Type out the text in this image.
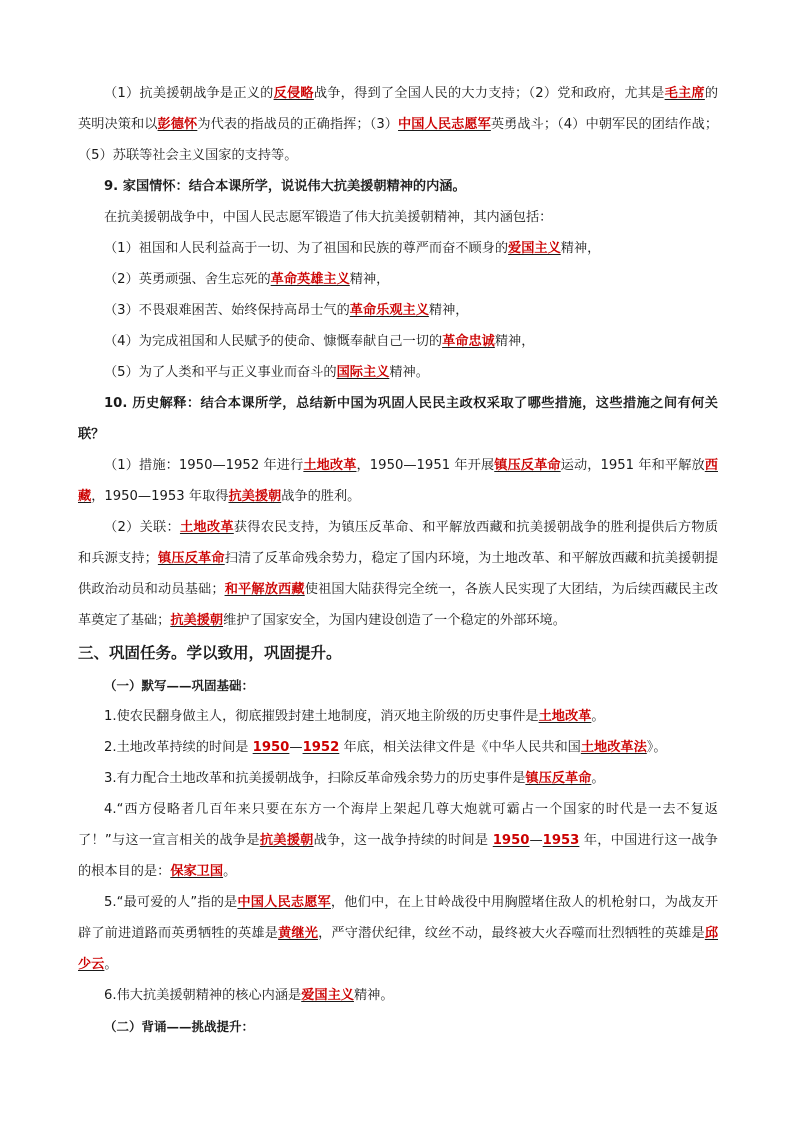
（1）抗美援朝战争是正义的反侵略战争，得到了全国人民的大力支持；（2）党和政府，尤其是毛主席的英明决策和以彭德怀为代表的指战员的正确指挥；（3）中国人民志愿军英勇战斗；（4）中朝军民的团结作战；（5）苏联等社会主义国家的支持等。

9. 家国情怀：结合本课所学，说说伟大抗美援朝精神的内涵。

在抗美援朝战争中，中国人民志愿军锻造了伟大抗美援朝精神，其内涵包括：

（1）祖国和人民利益高于一切、为了祖国和民族的尊严而奋不顾身的爱国主义精神，

（2）英勇顽强、舍生忘死的革命英雄主义精神，

（3）不畏艰难困苦、始终保持高昂士气的革命乐观主义精神，

（4）为完成祖国和人民赋予的使命、慷慨奉献自己一切的革命忠诚精神，

（5）为了人类和平与正义事业而奋斗的国际主义精神。

10. 历史解释：结合本课所学，总结新中国为巩固人民民主政权采取了哪些措施，这些措施之间有何关联？

（1）措施：1950—1952 年进行土地改革，1950—1951 年开展镇压反革命运动，1951 年和平解放西藏，1950—1953 年取得抗美援朝战争的胜利。

（2）关联：土地改革获得农民支持，为镇压反革命、和平解放西藏和抗美援朝战争的胜利提供后方物质和兵源支持；镇压反革命扫清了反革命残余势力，稳定了国内环境，为土地改革、和平解放西藏和抗美援朝提供政治动员和动员基础；和平解放西藏使祖国大陆获得完全统一，各族人民实现了大团结，为后续西藏民主改革奠定了基础；抗美援朝维护了国家安全，为国内建设创造了一个稳定的外部环境。

三、巩固任务。学以致用，巩固提升。

（一）默写——巩固基础：

1.使农民翻身做主人，彻底摧毁封建土地制度，消灭地主阶级的历史事件是土地改革。

2.土地改革持续的时间是 1950—1952 年底，相关法律文件是《中华人民共和国土地改革法》。

3.有力配合土地改革和抗美援朝战争，扫除反革命残余势力的历史事件是镇压反革命。

4.“西方侵略者几百年来只要在东方一个海岸上架起几尊大炮就可霸占一个国家的时代是一去不复返了！”与这一宣言相关的战争是抗美援朝战争，这一战争持续的时间是 1950—1953 年，中国进行这一战争的根本目的是：保家卫国。

5.“最可爱的人”指的是中国人民志愿军，他们中，在上甘岭战役中用胸膛堵住敌人的机枪射口，为战友开辟了前进道路而英勇牺牲的英雄是黄继光，严守潜伏纪律，纹丝不动，最终被大火吞噬而壮烈牺牲的英雄是邱少云。

6.伟大抗美援朝精神的核心内涵是爱国主义精神。

（二）背诵——挑战提升：
